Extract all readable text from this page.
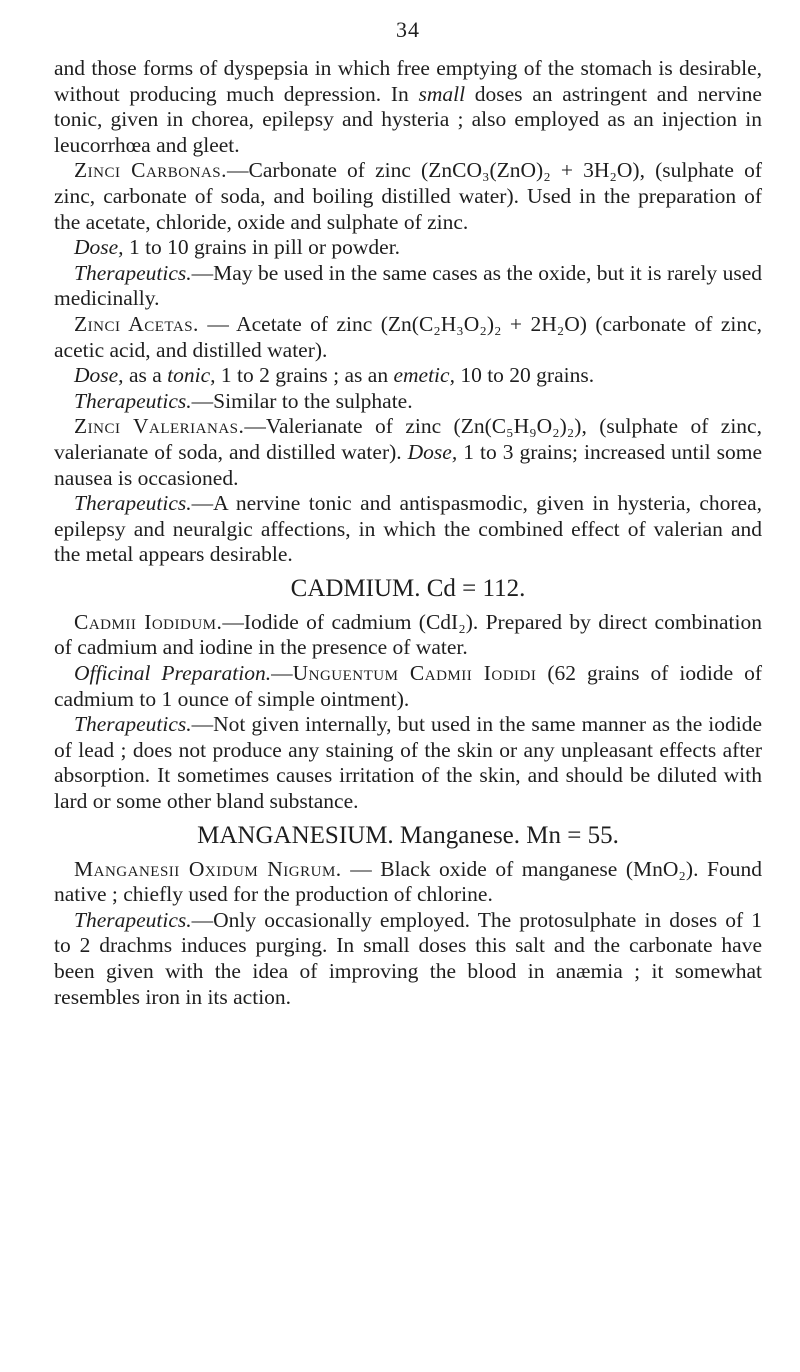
34

and those forms of dyspepsia in which free emptying of the stomach is desirable, without producing much depression. In small doses an astringent and nervine tonic, given in chorea, epilepsy and hysteria ; also employed as an injection in leucorrhœa and gleet.

Zinci Carbonas.—Carbonate of zinc (ZnCO₃(ZnO)₂ + 3H₂O), (sulphate of zinc, carbonate of soda, and boiling distilled water). Used in the preparation of the acetate, chloride, oxide and sulphate of zinc.

Dose, 1 to 10 grains in pill or powder.

Therapeutics.—May be used in the same cases as the oxide, but it is rarely used medicinally.

Zinci Acetas. — Acetate of zinc (Zn(C₂H₃O₂)₂ + 2H₂O) (carbonate of zinc, acetic acid, and distilled water).

Dose, as a tonic, 1 to 2 grains ; as an emetic, 10 to 20 grains.

Therapeutics.—Similar to the sulphate.

Zinci Valerianas.—Valerianate of zinc (Zn(C₅H₉O₂)₂), (sulphate of zinc, valerianate of soda, and distilled water). Dose, 1 to 3 grains; increased until some nausea is occasioned.

Therapeutics.—A nervine tonic and antispasmodic, given in hysteria, chorea, epilepsy and neuralgic affections, in which the combined effect of valerian and the metal appears desirable.

CADMIUM. Cd = 112.

Cadmii Iodidum.—Iodide of cadmium (CdI₂). Prepared by direct combination of cadmium and iodine in the presence of water.

Officinal Preparation.—Unguentum Cadmii Iodidi (62 grains of iodide of cadmium to 1 ounce of simple ointment).

Therapeutics.—Not given internally, but used in the same manner as the iodide of lead ; does not produce any staining of the skin or any unpleasant effects after absorption. It sometimes causes irritation of the skin, and should be diluted with lard or some other bland substance.

MANGANESIUM. Manganese. Mn = 55.

Manganesii Oxidum Nigrum. — Black oxide of manganese (MnO₂). Found native ; chiefly used for the production of chlorine.

Therapeutics.—Only occasionally employed. The protosulphate in doses of 1 to 2 drachms induces purging. In small doses this salt and the carbonate have been given with the idea of improving the blood in anæmia ; it somewhat resembles iron in its action.
